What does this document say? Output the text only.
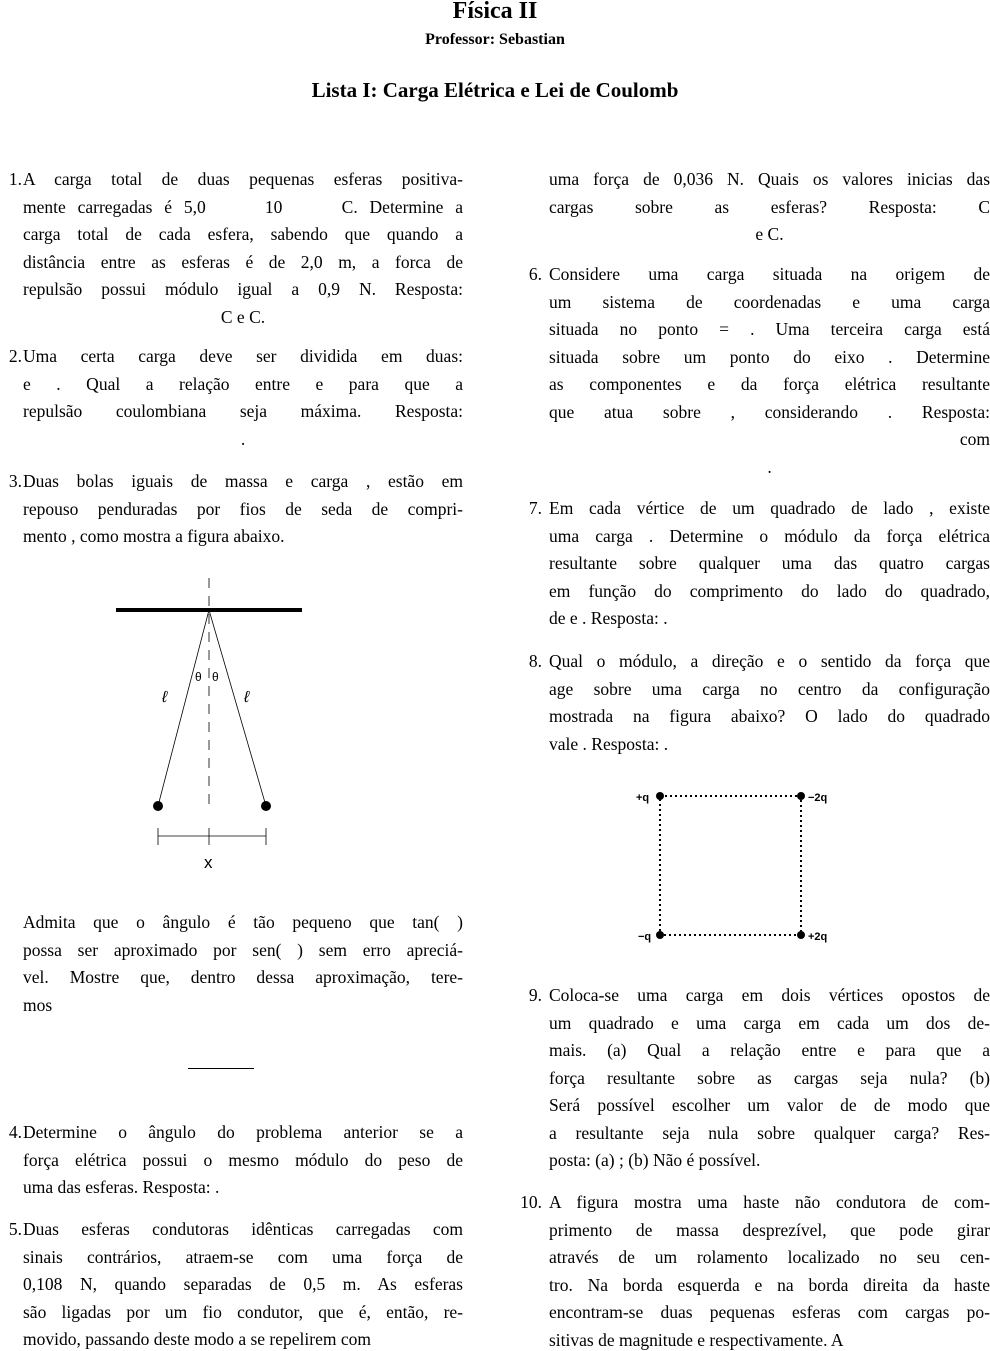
Física II
Professor: Sebastian
Lista I: Carga Elétrica e Lei de Coulomb
1. A carga total de duas pequenas esferas positiva-
mente carregadas é 5,0     10     C. Determine a
carga total de cada esfera, sabendo que quando a
distância entre as esferas é de 2,0 m, a forca de
repulsão possui módulo igual a 0,9 N. Resposta:
C e C.
2. Uma certa carga deve ser dividida em duas:
e . Qual a relação entre e para que a
repulsão coulombiana seja máxima. Resposta:
.
3. Duas bolas iguais de massa e carga , estão em
repouso penduradas por fios de seda de compri-
mento , como mostra a figura abaixo.
Admita que o ângulo é tão pequeno que tan( )
possa ser aproximado por sen( ) sem erro apreciá-
vel. Mostre que, dentro dessa aproximação, tere-
mos
4. Determine o ângulo do problema anterior se a
força elétrica possui o mesmo módulo do peso de
uma das esferas. Resposta: .
5. Duas esferas condutoras idênticas carregadas com
sinais contrários, atraem-se com uma força de
0,108 N, quando separadas de 0,5 m. As esferas
são ligadas por um fio condutor, que é, então, re-
movido, passando deste modo a se repelirem com
uma força de 0,036 N. Quais os valores inicias das
cargas sobre as esferas? Resposta: C
e C.
6. Considere uma carga situada na origem de
um sistema de coordenadas e uma carga
situada no ponto = . Uma terceira carga está
situada sobre um ponto do eixo . Determine
as componentes e da força elétrica resultante
que atua sobre , considerando . Resposta:
com
.
7. Em cada vértice de um quadrado de lado , existe
uma carga . Determine o módulo da força elétrica
resultante sobre qualquer uma das quatro cargas
em função do comprimento do lado do quadrado,
de e . Resposta: .
8. Qual o módulo, a direção e o sentido da força que
age sobre uma carga no centro da configuração
mostrada na figura abaixo? O lado do quadrado
vale . Resposta: .
9. Coloca-se uma carga em dois vértices opostos de
um quadrado e uma carga em cada um dos de-
mais. (a) Qual a relação entre e para que a
força resultante sobre as cargas seja nula? (b)
Será possível escolher um valor de de modo que
a resultante seja nula sobre qualquer carga? Res-
posta: (a) ; (b) Não é possível.
10. A figura mostra uma haste não condutora de com-
primento de massa desprezível, que pode girar
através de um rolamento localizado no seu cen-
tro. Na borda esquerda e na borda direita da haste
encontram-se duas pequenas esferas com cargas po-
sitivas de magnitude e respectivamente. A
θ θ
ℓ	ℓ
x
+q	−2q
−q	+2q
